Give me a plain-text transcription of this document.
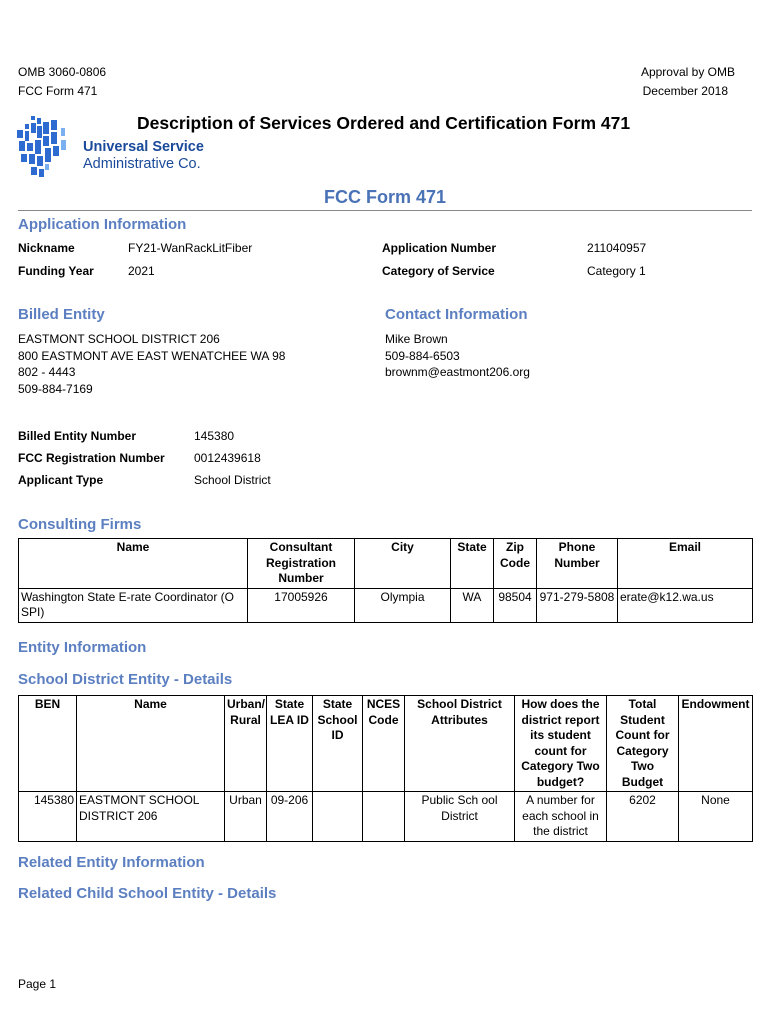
OMB 3060-0806
FCC Form 471
Approval by OMB
December 2018
Description of Services Ordered and Certification Form 471
Universal Service
Administrative Co.
FCC Form 471
Application Information
Nickname	FY21-WanRackLitFiber
Funding Year	2021
Application Number	211040957
Category of Service	Category 1
Billed Entity
EASTMONT SCHOOL DISTRICT 206
800 EASTMONT AVE EAST WENATCHEE WA 98
802 - 4443
509-884-7169
Contact Information
Mike Brown
509-884-6503
brownm@eastmont206.org
Billed Entity Number	145380
FCC Registration Number 0012439618
Applicant Type	School District
Consulting Firms
Name	Consultant Registration Number	City	State	Zip Code	Phone Number	Email
Washington State E-rate Coordinator (O SPI)	17005926	Olympia	WA	98504	971-279-5808	erate@k12.wa.us
Entity Information
School District Entity - Details
BEN	Name	Urban/ Rural	State LEA ID	State School ID	NCES Code	School District Attributes	How does the district report its student count for Category Two budget?	Total Student Count for Category Two Budget	Endowment
145380	EASTMONT SCHOOL DISTRICT 206	Urban	09-206			Public Sch ool District	A number for each school in the district	6202	None
Related Entity Information
Related Child School Entity - Details
Page 1
